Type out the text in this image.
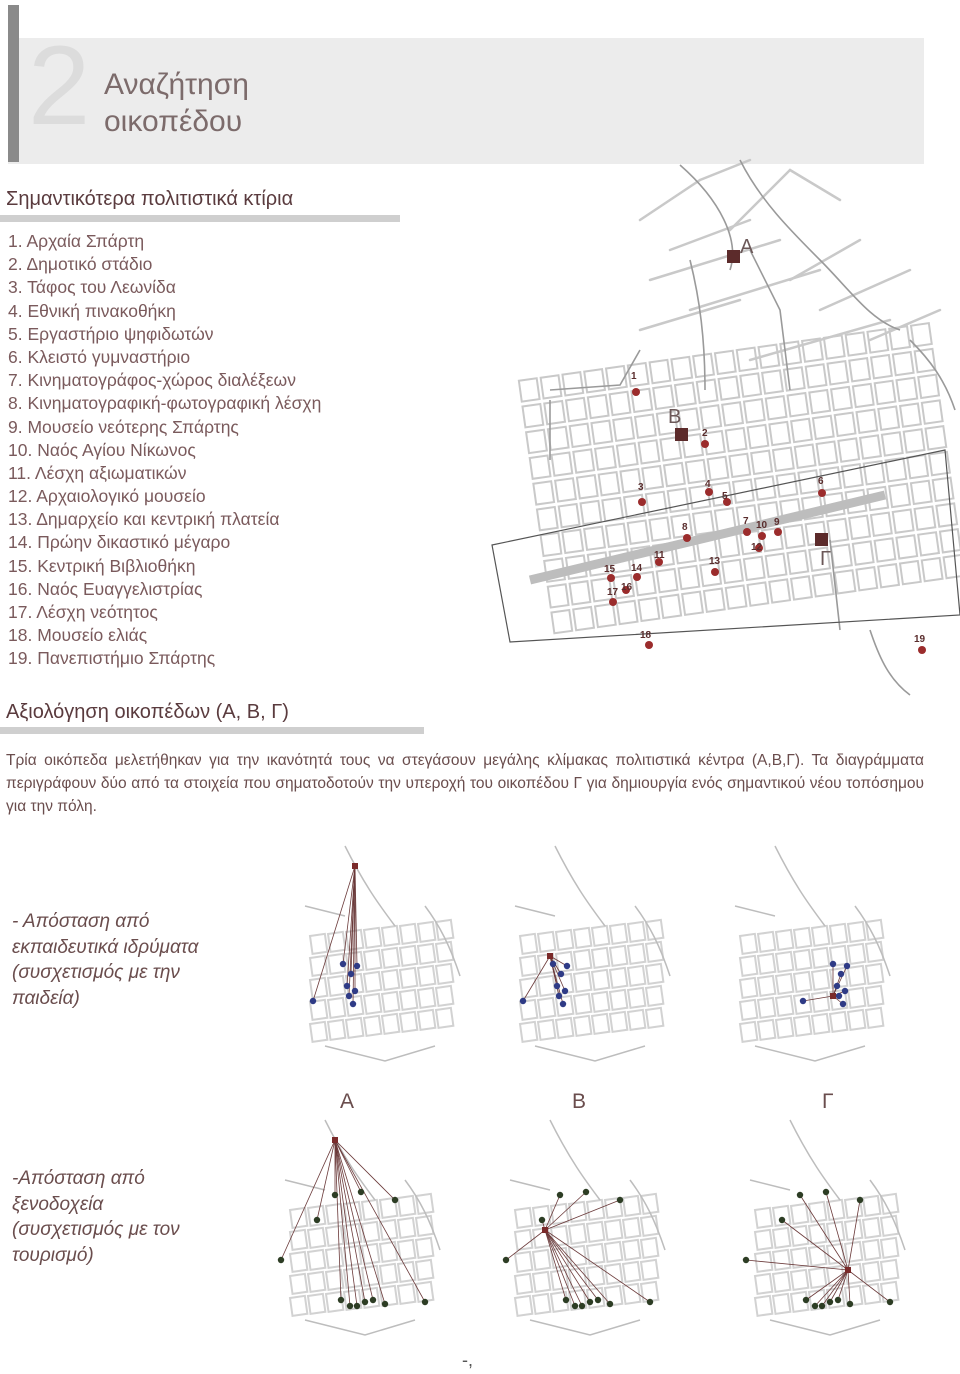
2 Αναζήτηση
οικοπέδου
Σημαντικότερα πολιτιστικά κτίρια
1. Αρχαία Σπάρτη
2. Δημοτικό στάδιο
3. Τάφος του Λεωνίδα
4. Εθνική πινακοθήκη
5. Εργαστήριο ψηφιδωτών
6. Κλειστό γυμναστήριο
7. Κινηματογράφος-χώρος διαλέξεων
8. Κινηματογραφική-φωτογραφική λέσχη
9. Μουσείο νεότερης Σπάρτης
10. Ναός Αγίου Νίκωνος
11. Λέσχη αξιωματικών
12. Αρχαιολογικό μουσείο
13. Δημαρχείο και κεντρική πλατεία
14. Πρώην δικαστικό μέγαρο
15. Κεντρική Βιβλιοθήκη
16. Ναός Ευαγγελιστρίας
17. Λέσχη νεότητος
18. Μουσείο ελιάς
19. Πανεπιστήμιο Σπάρτης
1
2
3	4
5
6
7
8	9
10
11
12
13
14
15
16
17
18	19
A
B
Γ
Αξιολόγηση οικοπέδων (Α, Β, Γ)

Τρία οικόπεδα μελετήθηκαν για την ικανότητά τους να στεγάσουν μεγάλης κλίμακας πολιτιστικά κέντρα (Α,Β,Γ). Τα διαγράμματα περιγράφουν δύο από τα στοιχεία που σηματοδοτούν την υπεροχή του οικοπέδου Γ για δημιουργία ενός σημαντικού νέου τοπόσημου για την πόλη.

- Απόσταση από
εκπαιδευτικά ιδρύματα
(συσχετισμός με την
παιδεία)
-Απόσταση από
ξενοδοχεία
(συσχετισμός με τον
τουρισμό)
Α	Β	Γ
-,
